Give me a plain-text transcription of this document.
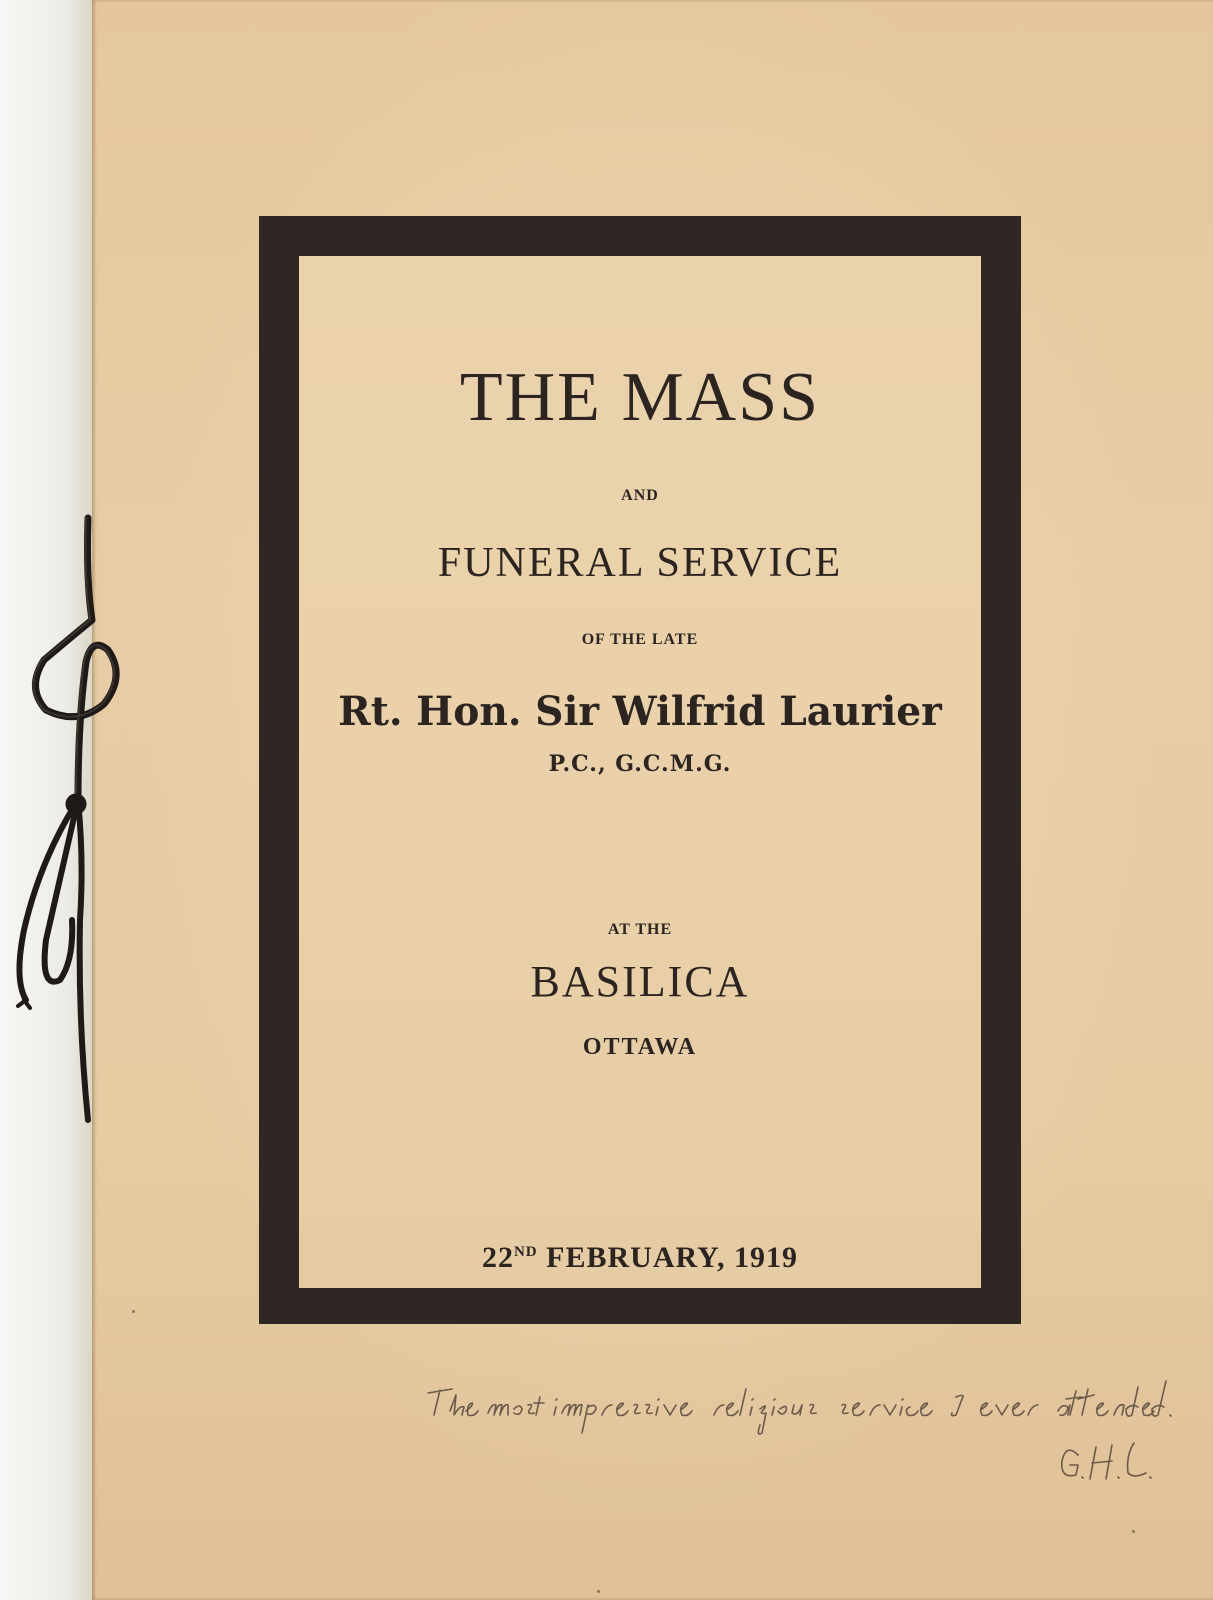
THE MASS

AND

FUNERAL SERVICE

OF THE LATE

Rt. Hon. Sir Wilfrid Laurier

P.C., G.C.M.G.

AT THE

BASILICA

OTTAWA

22ND FEBRUARY, 1919
